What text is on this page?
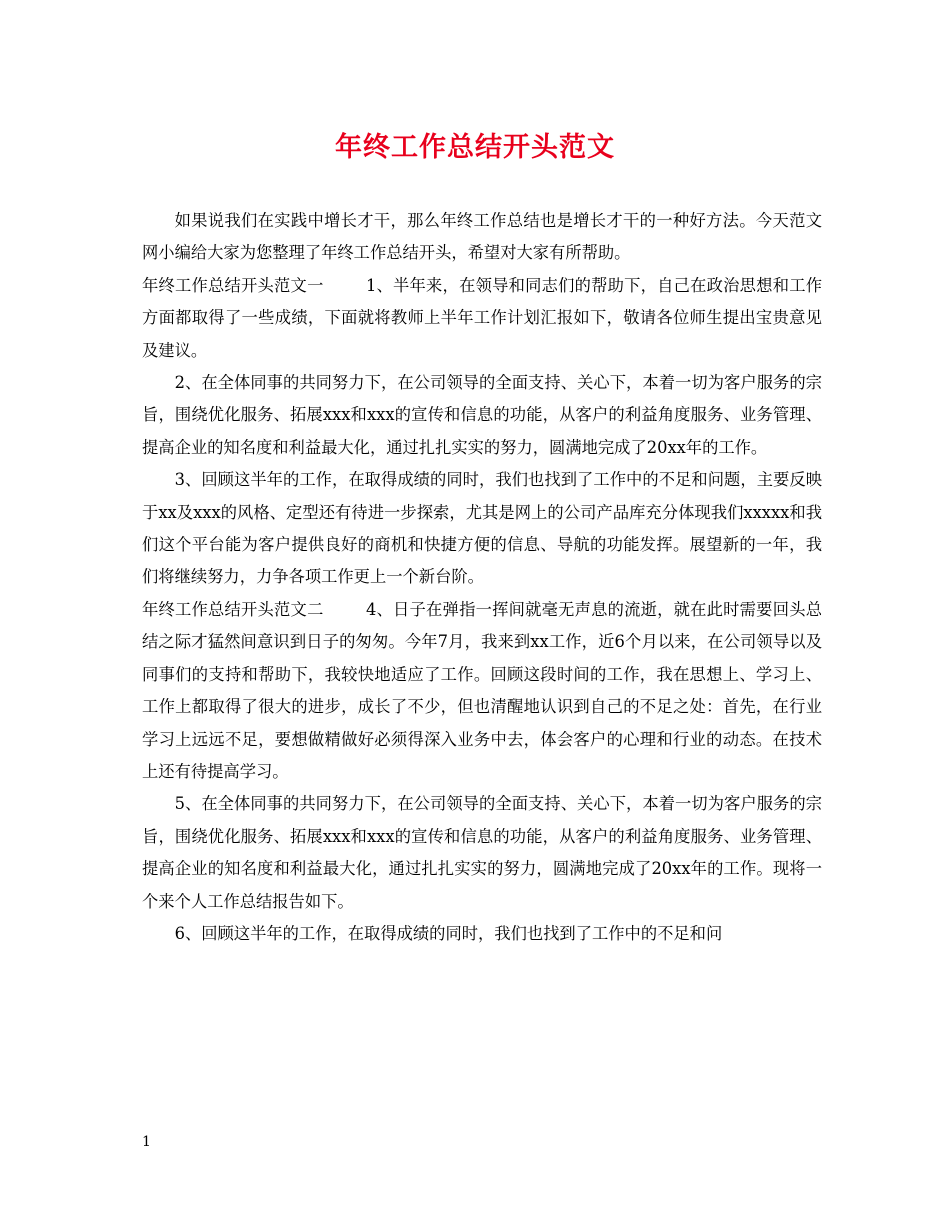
年终工作总结开头范文

如果说我们在实践中增长才干，那么年终工作总结也是增长才干的一种好方法。今天范文网小编给大家为您整理了年终工作总结开头，希望对大家有所帮助。

年终工作总结开头范文一	1、半年来，在领导和同志们的帮助下，自己在政治思想和工作方面都取得了一些成绩，下面就将教师上半年工作计划汇报如下，敬请各位师生提出宝贵意见及建议。

2、在全体同事的共同努力下，在公司领导的全面支持、关心下，本着一切为客户服务的宗旨，围绕优化服务、拓展xxx和xxx的宣传和信息的功能，从客户的利益角度服务、业务管理、提高企业的知名度和利益最大化，通过扎扎实实的努力，圆满地完成了20xx年的工作。

3、回顾这半年的工作，在取得成绩的同时，我们也找到了工作中的不足和问题，主要反映于xx及xxx的风格、定型还有待进一步探索，尤其是网上的公司产品库充分体现我们xxxxx和我们这个平台能为客户提供良好的商机和快捷方便的信息、导航的功能发挥。展望新的一年，我们将继续努力，力争各项工作更上一个新台阶。

年终工作总结开头范文二	4、日子在弹指一挥间就毫无声息的流逝，就在此时需要回头总结之际才猛然间意识到日子的匆匆。今年7月，我来到xx工作，近6个月以来，在公司领导以及同事们的支持和帮助下，我较快地适应了工作。回顾这段时间的工作，我在思想上、学习上、工作上都取得了很大的进步，成长了不少，但也清醒地认识到自己的不足之处：首先，在行业学习上远远不足，要想做精做好必须得深入业务中去，体会客户的心理和行业的动态。在技术上还有待提高学习。

5、在全体同事的共同努力下，在公司领导的全面支持、关心下，本着一切为客户服务的宗旨，围绕优化服务、拓展xxx和xxx的宣传和信息的功能，从客户的利益角度服务、业务管理、提高企业的知名度和利益最大化，通过扎扎实实的努力，圆满地完成了20xx年的工作。现将一个来个人工作总结报告如下。

6、回顾这半年的工作，在取得成绩的同时，我们也找到了工作中的不足和问

1
